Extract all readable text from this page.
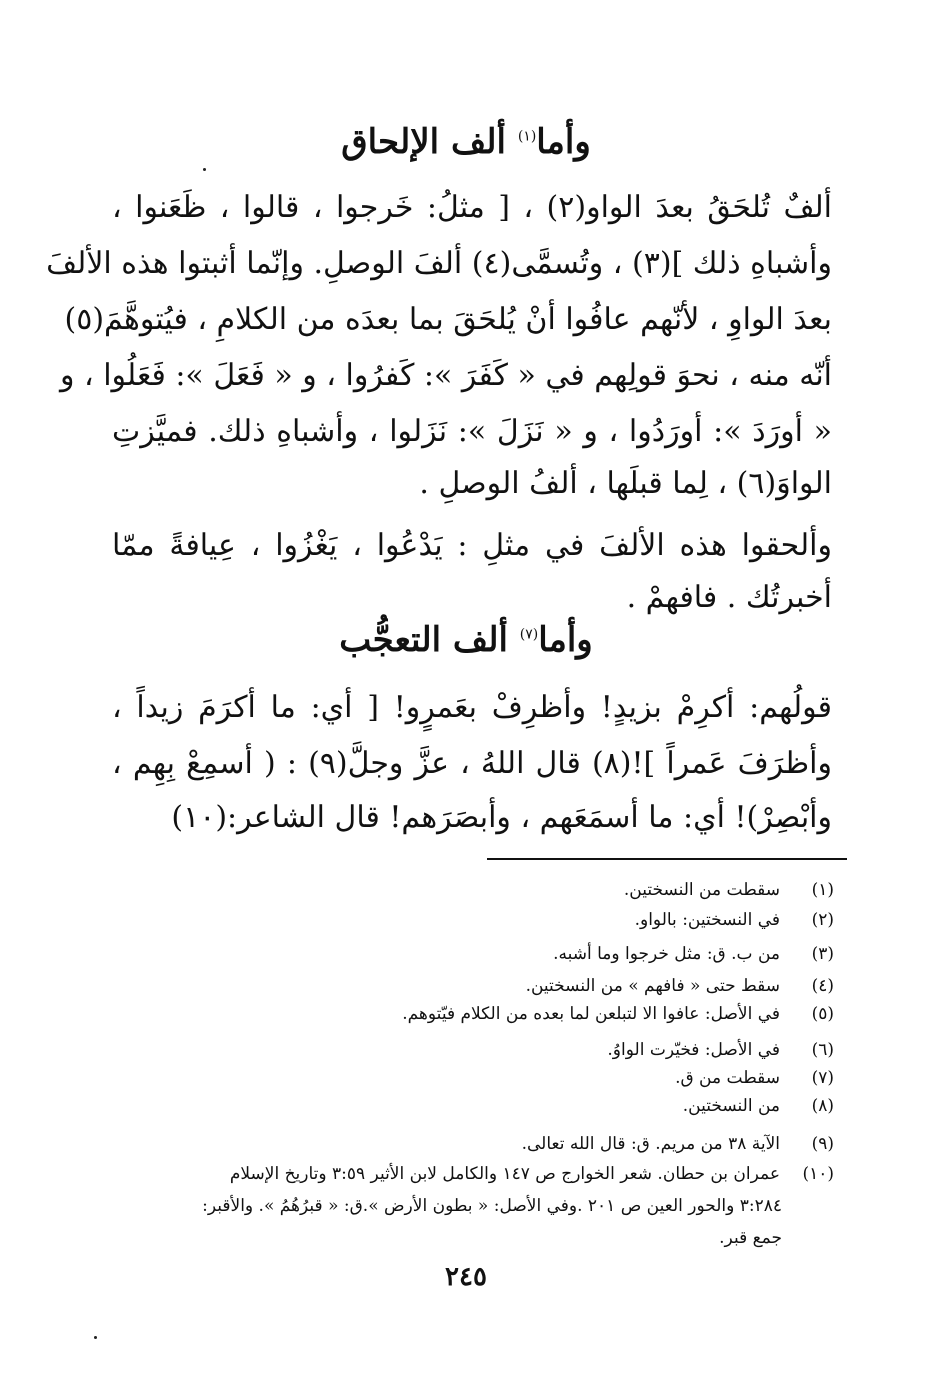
وأما$^{(١)}$ ألف الإلحاق
ألفٌ تُلحَقُ بعدَ الواو(٢) ، [ مثلُ: خَرجوا ، قالوا ، ظَعَنوا ،
وأشباهِ ذلك ](٣) ، وتُسمَّى(٤) ألفَ الوصلِ. وإنّما أثبتوا هذه الألفَ
بعدَ الواوِ ، لأنّهم عافُوا أنْ يُلحَقَ بما بعدَه من الكلامِ ، فيُتوهَّمَ(٥)
أنّه منه ، نحوَ قولِهم في « كَفَرَ »: كَفرُوا ، و « فَعَلَ »: فَعَلُوا ، و
« أورَدَ »: أورَدُوا ، و « نَزَلَ »: نَزَلوا ، وأشباهِ ذلك. فميَّزتِ
الواوَ(٦) ، لِما قبلَها ، ألفُ الوصلِ .
وألحقوا هذه الألفَ في مثلِ : يَدْعُوا ، يَغْزُوا ، عِيافةً ممّا
أخبرتُك . فافهمْ .
وأما$^{(٧)}$ ألف التعجُّب
قولُهم: أكرِمْ بزيدٍ! وأظرِفْ بعَمرٍو! [ أي: ما أكرَمَ زيداً ،
وأظرَفَ عَمراً ]!(٨) قال اللهُ ، عزَّ وجلَّ(٩) : ( أسمِعْ بِهِم ،
وأبْصِرْ)! أي: ما أسمَعَهم ، وأبصَرَهم! قال الشاعر:(١٠)
(١)
سقطت من النسختين.
(٢)
في النسختين: بالواو.
(٣)
من ب. ق: مثل خرجوا وما أشبه.
(٤)
سقط حتى « فافهم » من النسختين.
(٥)
في الأصل: عافوا الا لتبلعن لما بعده من الكلام فيّتوهم.
(٦)
في الأصل: فخيّرت الواوُ.
(٧)
سقطت من ق.
(٨)
من النسختين.
(٩)
الآية ٣٨ من مريم. ق: قال الله تعالى.
(١٠)
عمران بن حطان. شعر الخوارج ص ١٤٧ والكامل لابن الأثير ٣:٥٩ وتاريخ الإسلام
٣:٢٨٤ والحور العين ص ٢٠١ .وفي الأصل: « بطون الأرض ».ق: « قبرُهُمُ ». والأقبر:
جمع قبر.
٢٤٥
